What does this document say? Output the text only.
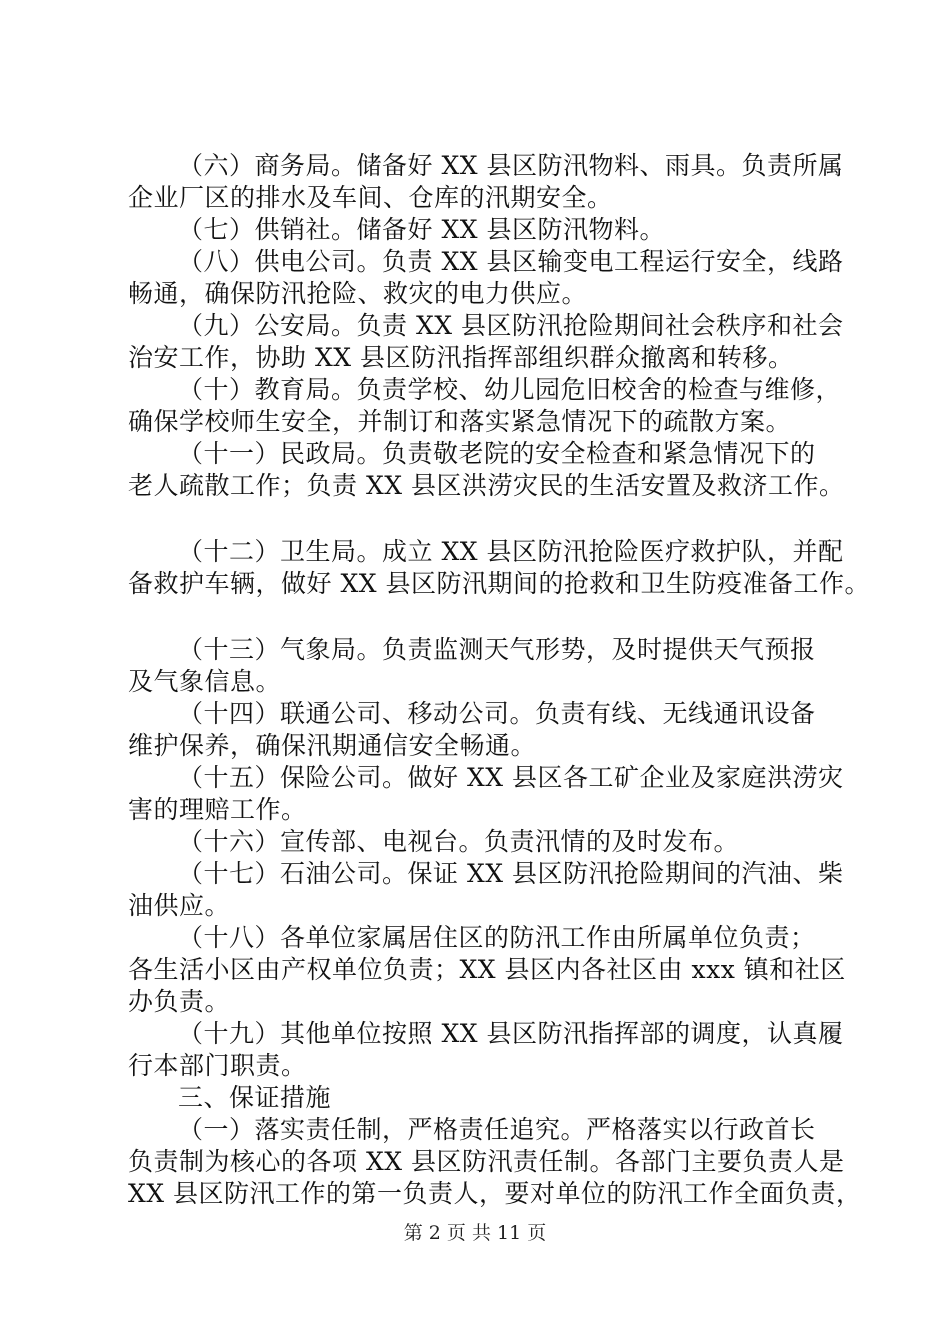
（六）商务局。储备好 XX 县区防汛物料、雨具。负责所属
企业厂区的排水及车间、仓库的汛期安全。
（七）供销社。储备好 XX 县区防汛物料。
（八）供电公司。负责 XX 县区输变电工程运行安全，线路
畅通，确保防汛抢险、救灾的电力供应。
（九）公安局。负责 XX 县区防汛抢险期间社会秩序和社会
治安工作，协助 XX 县区防汛指挥部组织群众撤离和转移。
（十）教育局。负责学校、幼儿园危旧校舍的检查与维修，
确保学校师生安全，并制订和落实紧急情况下的疏散方案。
（十一）民政局。负责敬老院的安全检查和紧急情况下的
老人疏散工作；负责 XX 县区洪涝灾民的生活安置及救济工作。
（十二）卫生局。成立 XX 县区防汛抢险医疗救护队，并配
备救护车辆，做好 XX 县区防汛期间的抢救和卫生防疫准备工作。
（十三）气象局。负责监测天气形势，及时提供天气预报
及气象信息。
（十四）联通公司、移动公司。负责有线、无线通讯设备
维护保养，确保汛期通信安全畅通。
（十五）保险公司。做好 XX 县区各工矿企业及家庭洪涝灾
害的理赔工作。
（十六）宣传部、电视台。负责汛情的及时发布。
（十七）石油公司。保证 XX 县区防汛抢险期间的汽油、柴
油供应。
（十八）各单位家属居住区的防汛工作由所属单位负责；
各生活小区由产权单位负责；XX 县区内各社区由 xxx 镇和社区
办负责。
（十九）其他单位按照 XX 县区防汛指挥部的调度，认真履
行本部门职责。
三、保证措施
（一）落实责任制，严格责任追究。严格落实以行政首长
负责制为核心的各项 XX 县区防汛责任制。各部门主要负责人是
XX 县区防汛工作的第一负责人，要对单位的防汛工作全面负责，
第 2 页 共 11 页
